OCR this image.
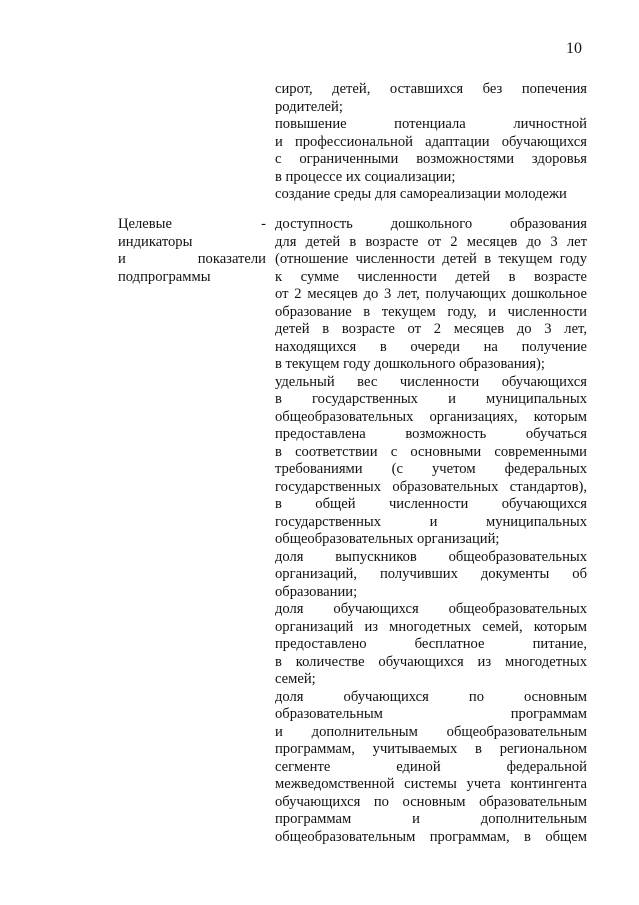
10
сирот, детей, оставшихся без попечения
родителей;
повышение потенциала личностной
и профессиональной адаптации обучающихся
с ограниченными возможностями здоровья
в процессе их социализации;
создание среды для самореализации молодежи
Целевые -
индикаторы
и показатели
подпрограммы
доступность дошкольного образования
для детей в возрасте от 2 месяцев до 3 лет
(отношение численности детей в текущем году
к сумме численности детей в возрасте
от 2 месяцев до 3 лет, получающих дошкольное
образование в текущем году, и численности
детей в возрасте от 2 месяцев до 3 лет,
находящихся в очереди на получение
в текущем году дошкольного образования);
удельный вес численности обучающихся
в государственных и муниципальных
общеобразовательных организациях, которым
предоставлена возможность обучаться
в соответствии с основными современными
требованиями (с учетом федеральных
государственных образовательных стандартов),
в общей численности обучающихся
государственных и муниципальных
общеобразовательных организаций;
доля выпускников общеобразовательных
организаций, получивших документы об
образовании;
доля обучающихся общеобразовательных
организаций из многодетных семей, которым
предоставлено бесплатное питание,
в количестве обучающихся из многодетных
семей;
доля обучающихся по основным
образовательным программам
и дополнительным общеобразовательным
программам, учитываемых в региональном
сегменте единой федеральной
межведомственной системы учета контингента
обучающихся по основным образовательным
программам и дополнительным
общеобразовательным программам, в общем
